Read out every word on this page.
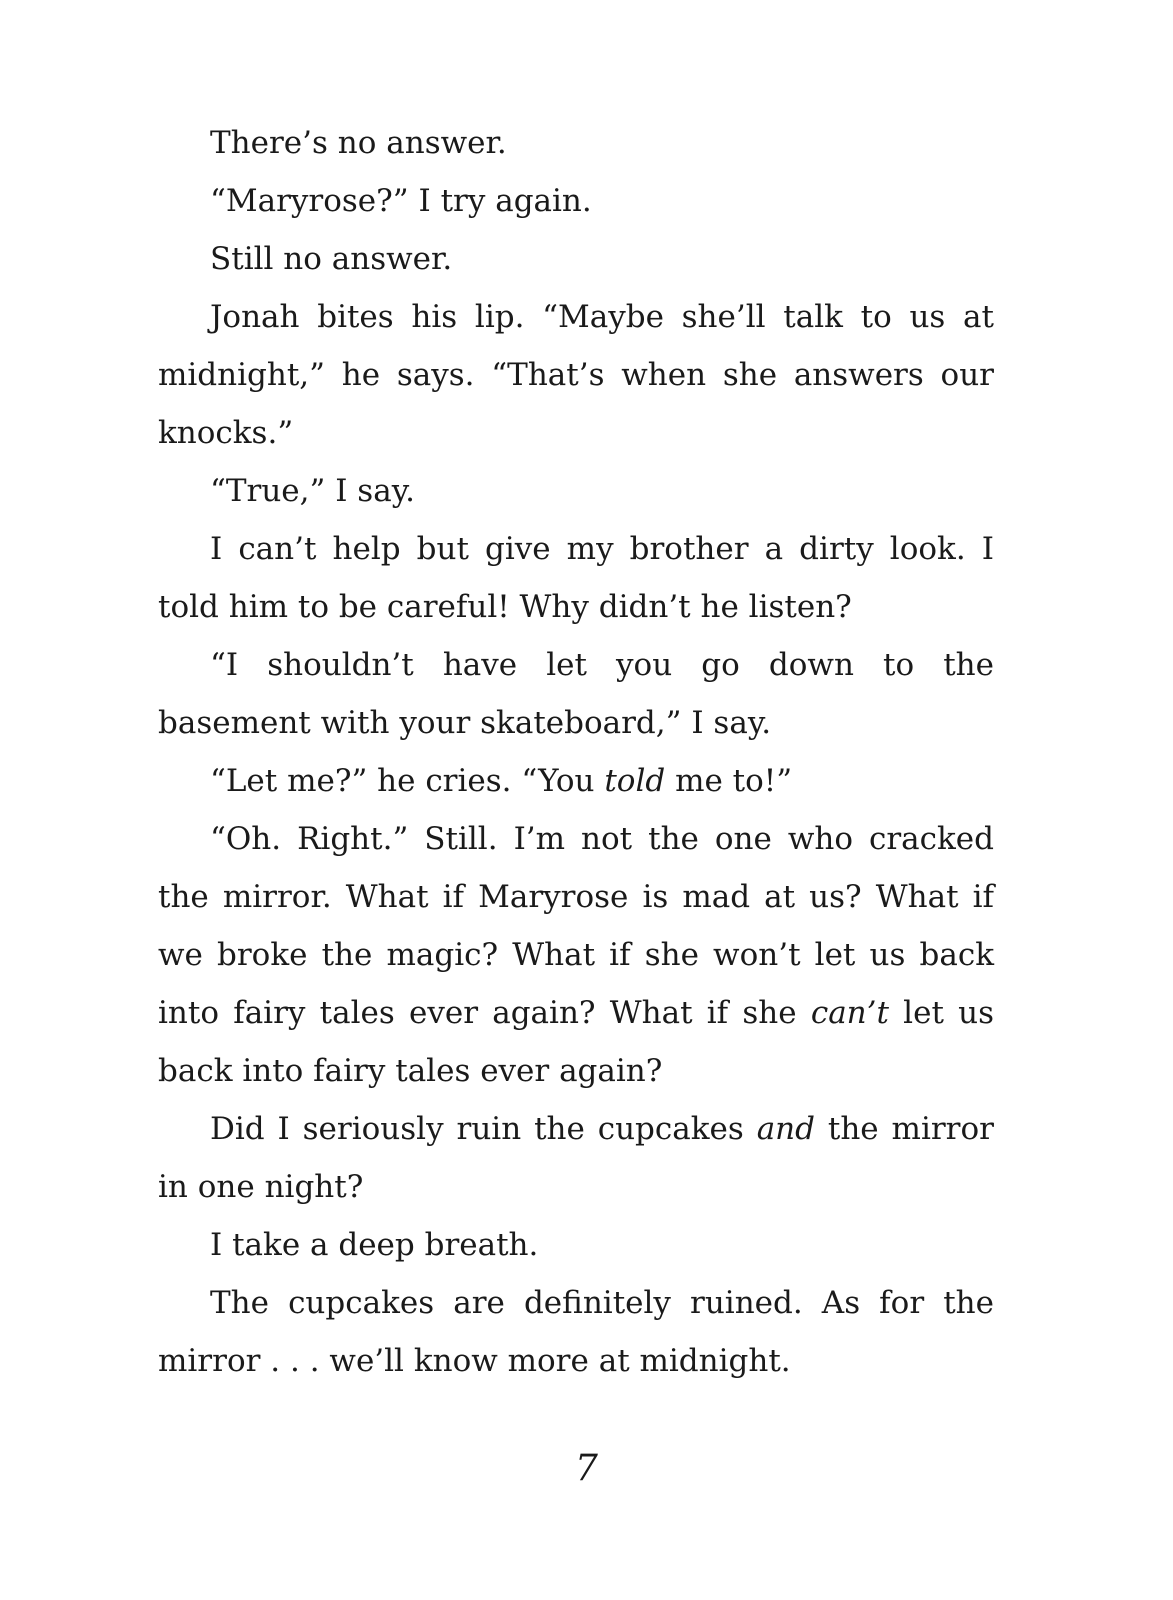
There’s no answer.

“Maryrose?” I try again.

Still no answer.

Jonah bites his lip. “Maybe she’ll talk to us at midnight,” he says. “That’s when she answers our knocks.”

“True,” I say.

I can’t help but give my brother a dirty look. I told him to be careful! Why didn’t he listen?

“I shouldn’t have let you go down to the basement with your skateboard,” I say.

“Let me?” he cries. “You told me to!”

“Oh. Right.” Still. I’m not the one who cracked the mirror. What if Maryrose is mad at us? What if we broke the magic? What if she won’t let us back into fairy tales ever again? What if she can’t let us back into fairy tales ever again?

Did I seriously ruin the cupcakes and the mirror in one night?

I take a deep breath.

The cupcakes are definitely ruined. As for the mirror . . . we’ll know more at midnight.

7
